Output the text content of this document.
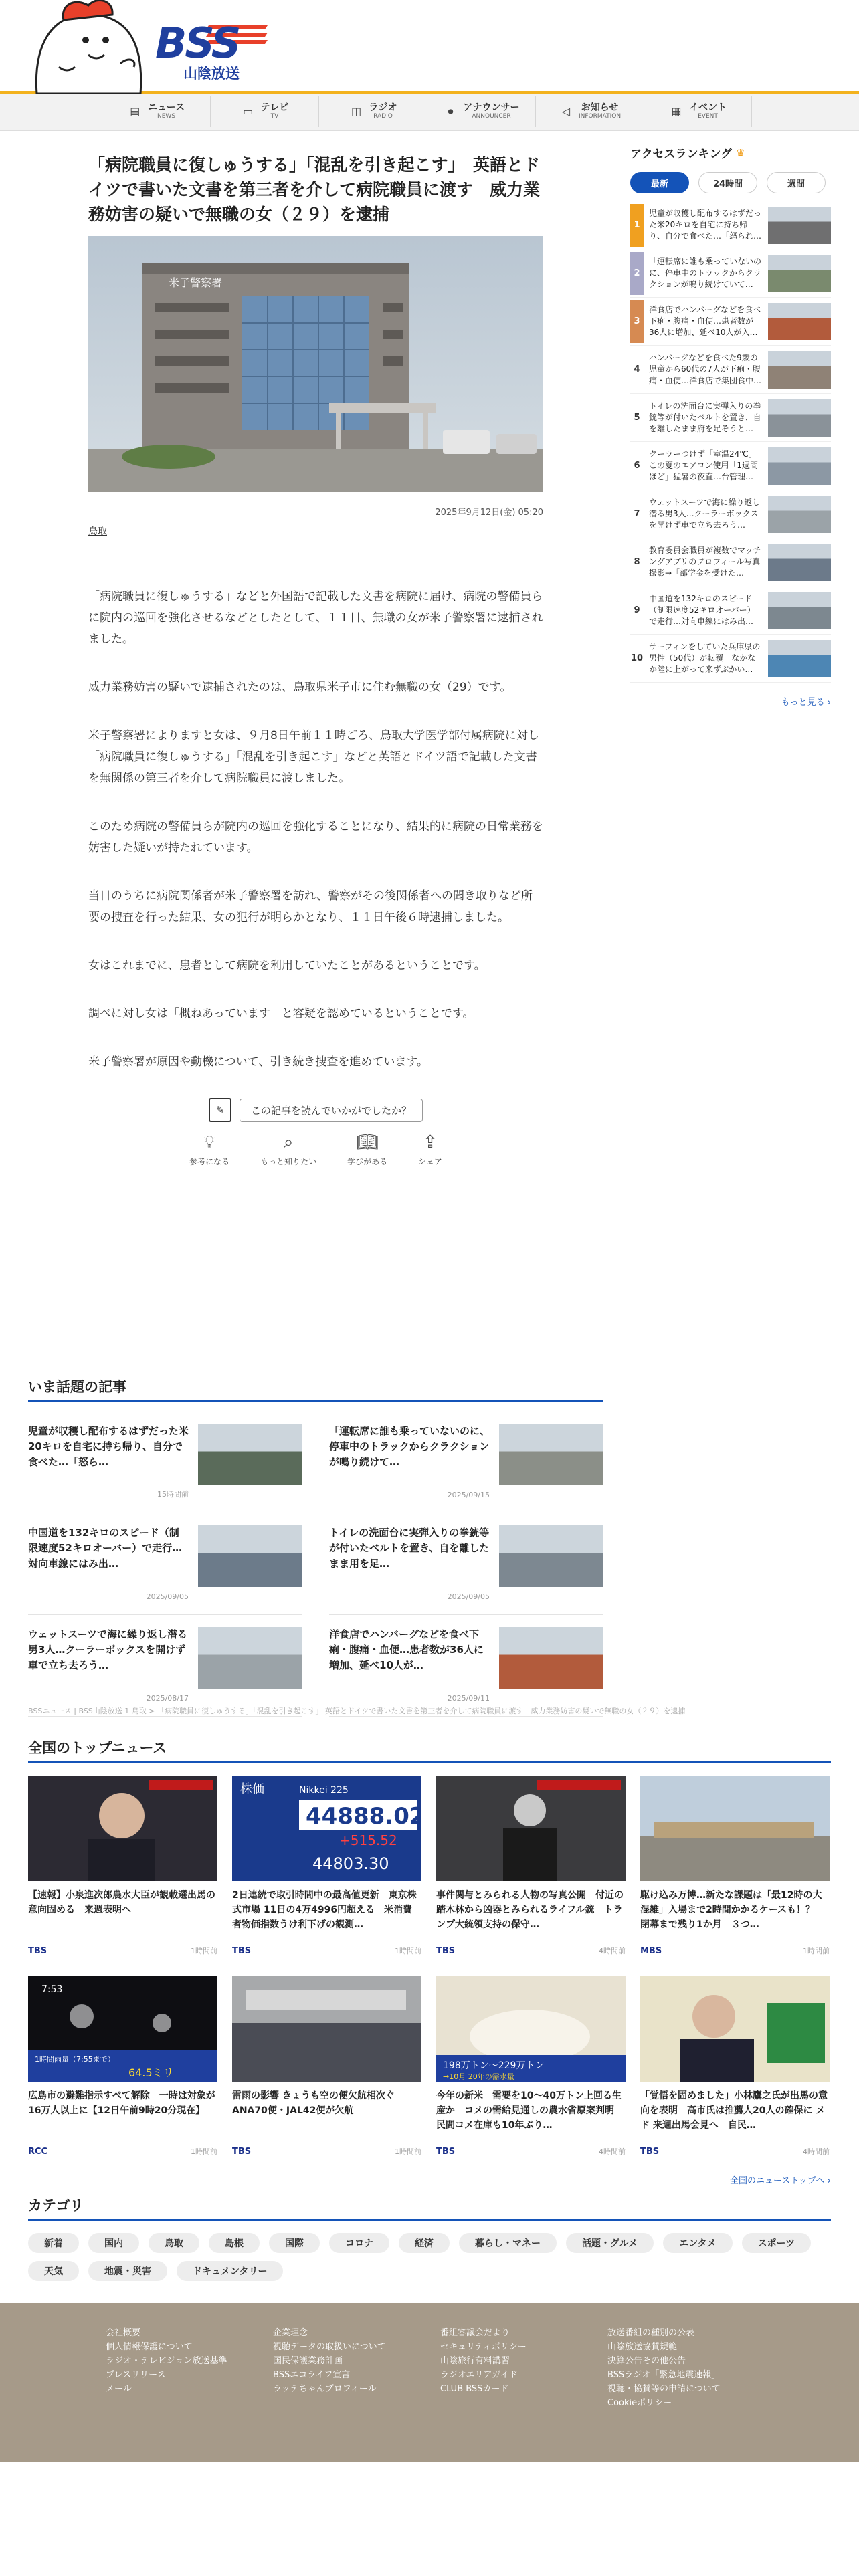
BSS
山陰放送
▤ ニュース
NEWS	▭ テレビ
TV	◫ ラジオ
RADIO	⏺	アナウンサー
ANNOUNCER	◁	お知らせ
INFORMATION	▦ イベント
EVENT
「病院職員に復しゅうする」「混乱を引き起こす」　英語とドイツで書いた文書を第三者を介して病院職員に渡す　威力業務妨害の疑いで無職の女（２９）を逮捕
米子警察署
2025年9月12日(金) 05:20
鳥取

「病院職員に復しゅうする」などと外国語で記載した文書を病院に届け、病院の警備員らに院内の巡回を強化させるなどとしたとして、１１日、無職の女が米子警察署に逮捕されました。

威力業務妨害の疑いで逮捕されたのは、鳥取県米子市に住む無職の女（29）です。

米子警察署によりますと女は、９月8日午前１１時ごろ、鳥取大学医学部付属病院に対し「病院職員に復しゅうする」「混乱を引き起こす」などと英語とドイツ語で記載した文書を無関係の第三者を介して病院職員に渡しました。

このため病院の警備員らが院内の巡回を強化することになり、結果的に病院の日常業務を妨害した疑いが持たれています。

当日のうちに病院関係者が米子警察署を訪れ、警察がその後関係者への聞き取りなど所要の捜査を行った結果、女の犯行が明らかとなり、１１日午後６時逮捕しました。

女はこれまでに、患者として病院を利用していたことがあるということです。

調べに対し女は「概ねあっています」と容疑を認めているということです。

米子警察署が原因や動機について、引き続き捜査を進めています。

✎	この記事を読んでいかがでしたか？
💡︎
参考になる
⌕
もっと知りたい
📖︎
学びがある
⇪
シェア
アクセスランキング ♛
最新	24時間	週間
1
児童が収穫し配布するはずだった米20キロを自宅に持ち帰り、自分で食べた…「怒られ…
2
「運転席に誰も乗っていないのに、停車中のトラックからクラクションが鳴り続けていて…
3
洋食店でハンバーグなどを食べ下痢・腹痛・血便…患者数が36人に増加、延べ10人が入…
4
ハンバーグなどを食べた9歳の児童から60代の7人が下痢・腹痛・血便…洋食店で集団食中…
5
トイレの洗面台に実弾入りの拳銃等が付いたベルトを置き、自を離したまま府を足そうと…
6
クーラーつけず「室温24℃」この夏のエアコン使用「1週間ほど」猛暑の夜直…台管理…
7
ウェットスーツで海に繰り返し潜る男3人…クーラーボックスを開けず車で立ち去ろう…
8
教育委員会職員が複数でマッチングアプリのプロフィール写真撮影→「部学金を受けた…
9
中国道を132キロのスピード（制限速度52キロオーバー）で走行…対向車線にはみ出…
10
サーフィンをしていた兵庫県の男性（50代）が転覆　なかなか陸に上がって来ずぷかい…
もっと見る ›
いま話題の記事
児童が収穫し配布するはずだった米20キロを自宅に持ち帰り、自分で食べた…「怒ら…
15時間前
「運転席に誰も乗っていないのに、停車中のトラックからクラクションが鳴り続けて…
2025/09/15
中国道を132キロのスピード（制限速度52キロオーバー）で走行…対向車線にはみ出…
2025/09/05
トイレの洗面台に実弾入りの拳銃等が付いたベルトを置き、自を離したまま用を足…
2025/09/05
ウェットスーツで海に繰り返し潜る男3人…クーラーボックスを開けず車で立ち去ろう…
2025/08/17
洋食店でハンバーグなどを食べ下痢・腹痛・血便…患者数が36人に増加、延べ10人が…
2025/09/11
BSSニュース | BSS山陰放送 1 鳥取 > 「病院職員に復しゅうする」「混乱を引き起こす」 英語とドイツで書いた文書を第三者を介して病院職員に渡す　威力業務妨害の疑いで無職の女（２９）を逮捕
全国のトップニュース
【速報】小泉進次郎農水大臣が観載選出馬の意向固める　来週表明へ
TBS	1時間前
株価	Nikkei 225
44888.02
+515.52
44803.30
2日連続で取引時間中の最高値更新　東京株式市場 11日の4万4996円超える　米消費者物価指数うけ利下げの観測…
TBS	1時間前
事件関与とみられる人物の写真公開　付近の踏木林から凶器とみられるライフル銃　トランプ大統領支持の保守…
TBS	4時間前
駆け込み万博…新たな課題は「最12時の大混雑」入場まで2時間かかるケースも！？　閉幕まで残り1か月　３つ…
MBS	1時間前
7:53
1時間雨量（7:55まで）
64.5ミリ
広島市の避難指示すべて解除　一時は対象が16万人以上に【12日午前9時20分現在】
RCC	1時間前
雷雨の影響 きょうも空の便欠航相次ぐ　ANA70便・JAL42便が欠航
TBS	1時間前
198万トン〜229万トン
→10月 20年の需水量
今年の新米　需要を10〜40万トン上回る生産か　コメの需給見通しの農水省原案判明　民間コメ在庫も10年ぶり…
TBS	4時間前
「覚悟を固めました」小林鷹之氏が出馬の意向を表明　高市氏は推薦人20人の確保に メド 来週出馬会見へ　自民…
TBS	4時間前
全国のニューストップへ ›
カテゴリ
新着	国内	鳥取	島根	国際	コロナ	経済	暮らし・マネー	話題・グルメ	エンタメ	スポーツ
天気	地震・災害	ドキュメンタリー
会社概要
個人情報保護について
ラジオ・テレビジョン放送基準
プレスリリース
メール
企業理念
視聴データの取扱いについて
国民保護業務計画
BSSエコライフ宣言
ラッテちゃんプロフィール
番組審議会だより
セキュリティポリシー
山陰旅行有料講習
ラジオエリアガイド
CLUB BSSカード
放送番組の種別の公表
山陰放送協賛規範
決算公告その他公告
BSSラジオ「緊急地震速報」
視聴・協賛等の申請について
Cookieポリシー
